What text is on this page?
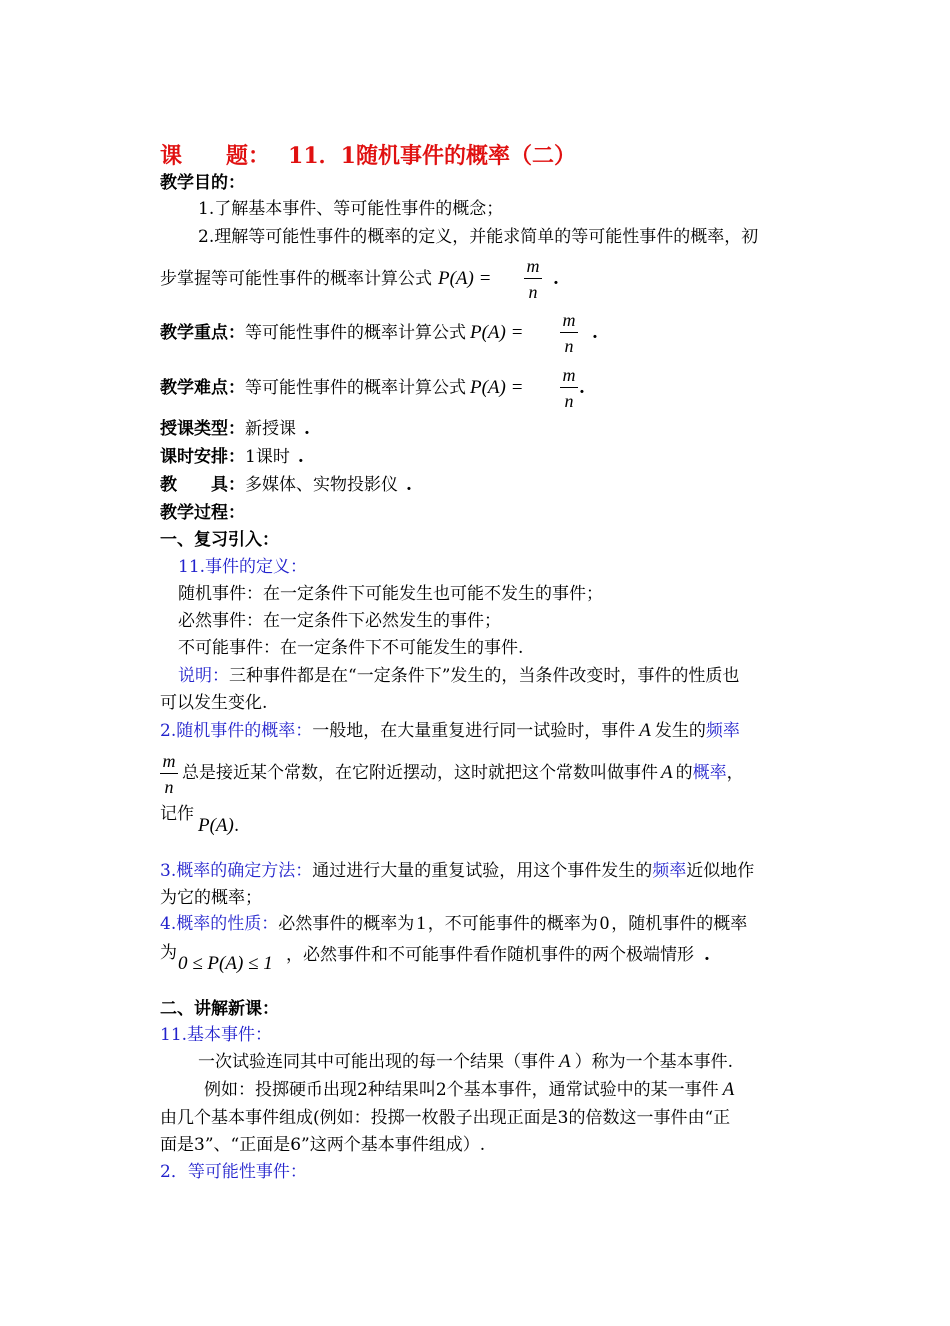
课　　题： 11．1随机事件的概率（二）
教学目的：
1.了解基本事件、等可能性事件的概念；
2.理解等可能性事件的概率的定义，并能求简单的等可能性事件的概率，初
步掌握等可能性事件的概率计算公式 P(A) =
m
n
.
教学重点：等可能性事件的概率计算公式 P(A) =
m
n
.
教学难点：等可能性事件的概率计算公式 P(A) =
m
n
.
授课类型：新授课 .
课时安排：1课时 .
教　　具：多媒体、实物投影仪 .
教学过程：
一、复习引入：
11.事件的定义：
随机事件：在一定条件下可能发生也可能不发生的事件；
必然事件：在一定条件下必然发生的事件；
不可能事件：在一定条件下不可能发生的事件.
说明：三种事件都是在“一定条件下”发生的，当条件改变时，事件的性质也
可以发生变化.
2.随机事件的概率：一般地，在大量重复进行同一试验时，事件 A 发生的频率
m
n
总是接近某个常数，在它附近摆动，这时就把这个常数叫做事件 A 的概率，
记作
P(A).
3.概率的确定方法：通过进行大量的重复试验，用这个事件发生的频率近似地作
为它的概率；
4.概率的性质：必然事件的概率为 1 ，不可能事件的概率为 0 ，随机事件的概率
为 0 ≤ P(A) ≤ 1 ，必然事件和不可能事件看作随机事件的两个极端情形 .
二、讲解新课：
11.基本事件：
一次试验连同其中可能出现的每一个结果（事件 A ）称为一个基本事件.
例如：投掷硬币出现2种结果叫2个基本事件，通常试验中的某一事件 A
由几个基本事件组成(例如：投掷一枚骰子出现正面是3的倍数这一事件由“正
面是3”、“正面是6”这两个基本事件组成）.
2．等可能性事件：
